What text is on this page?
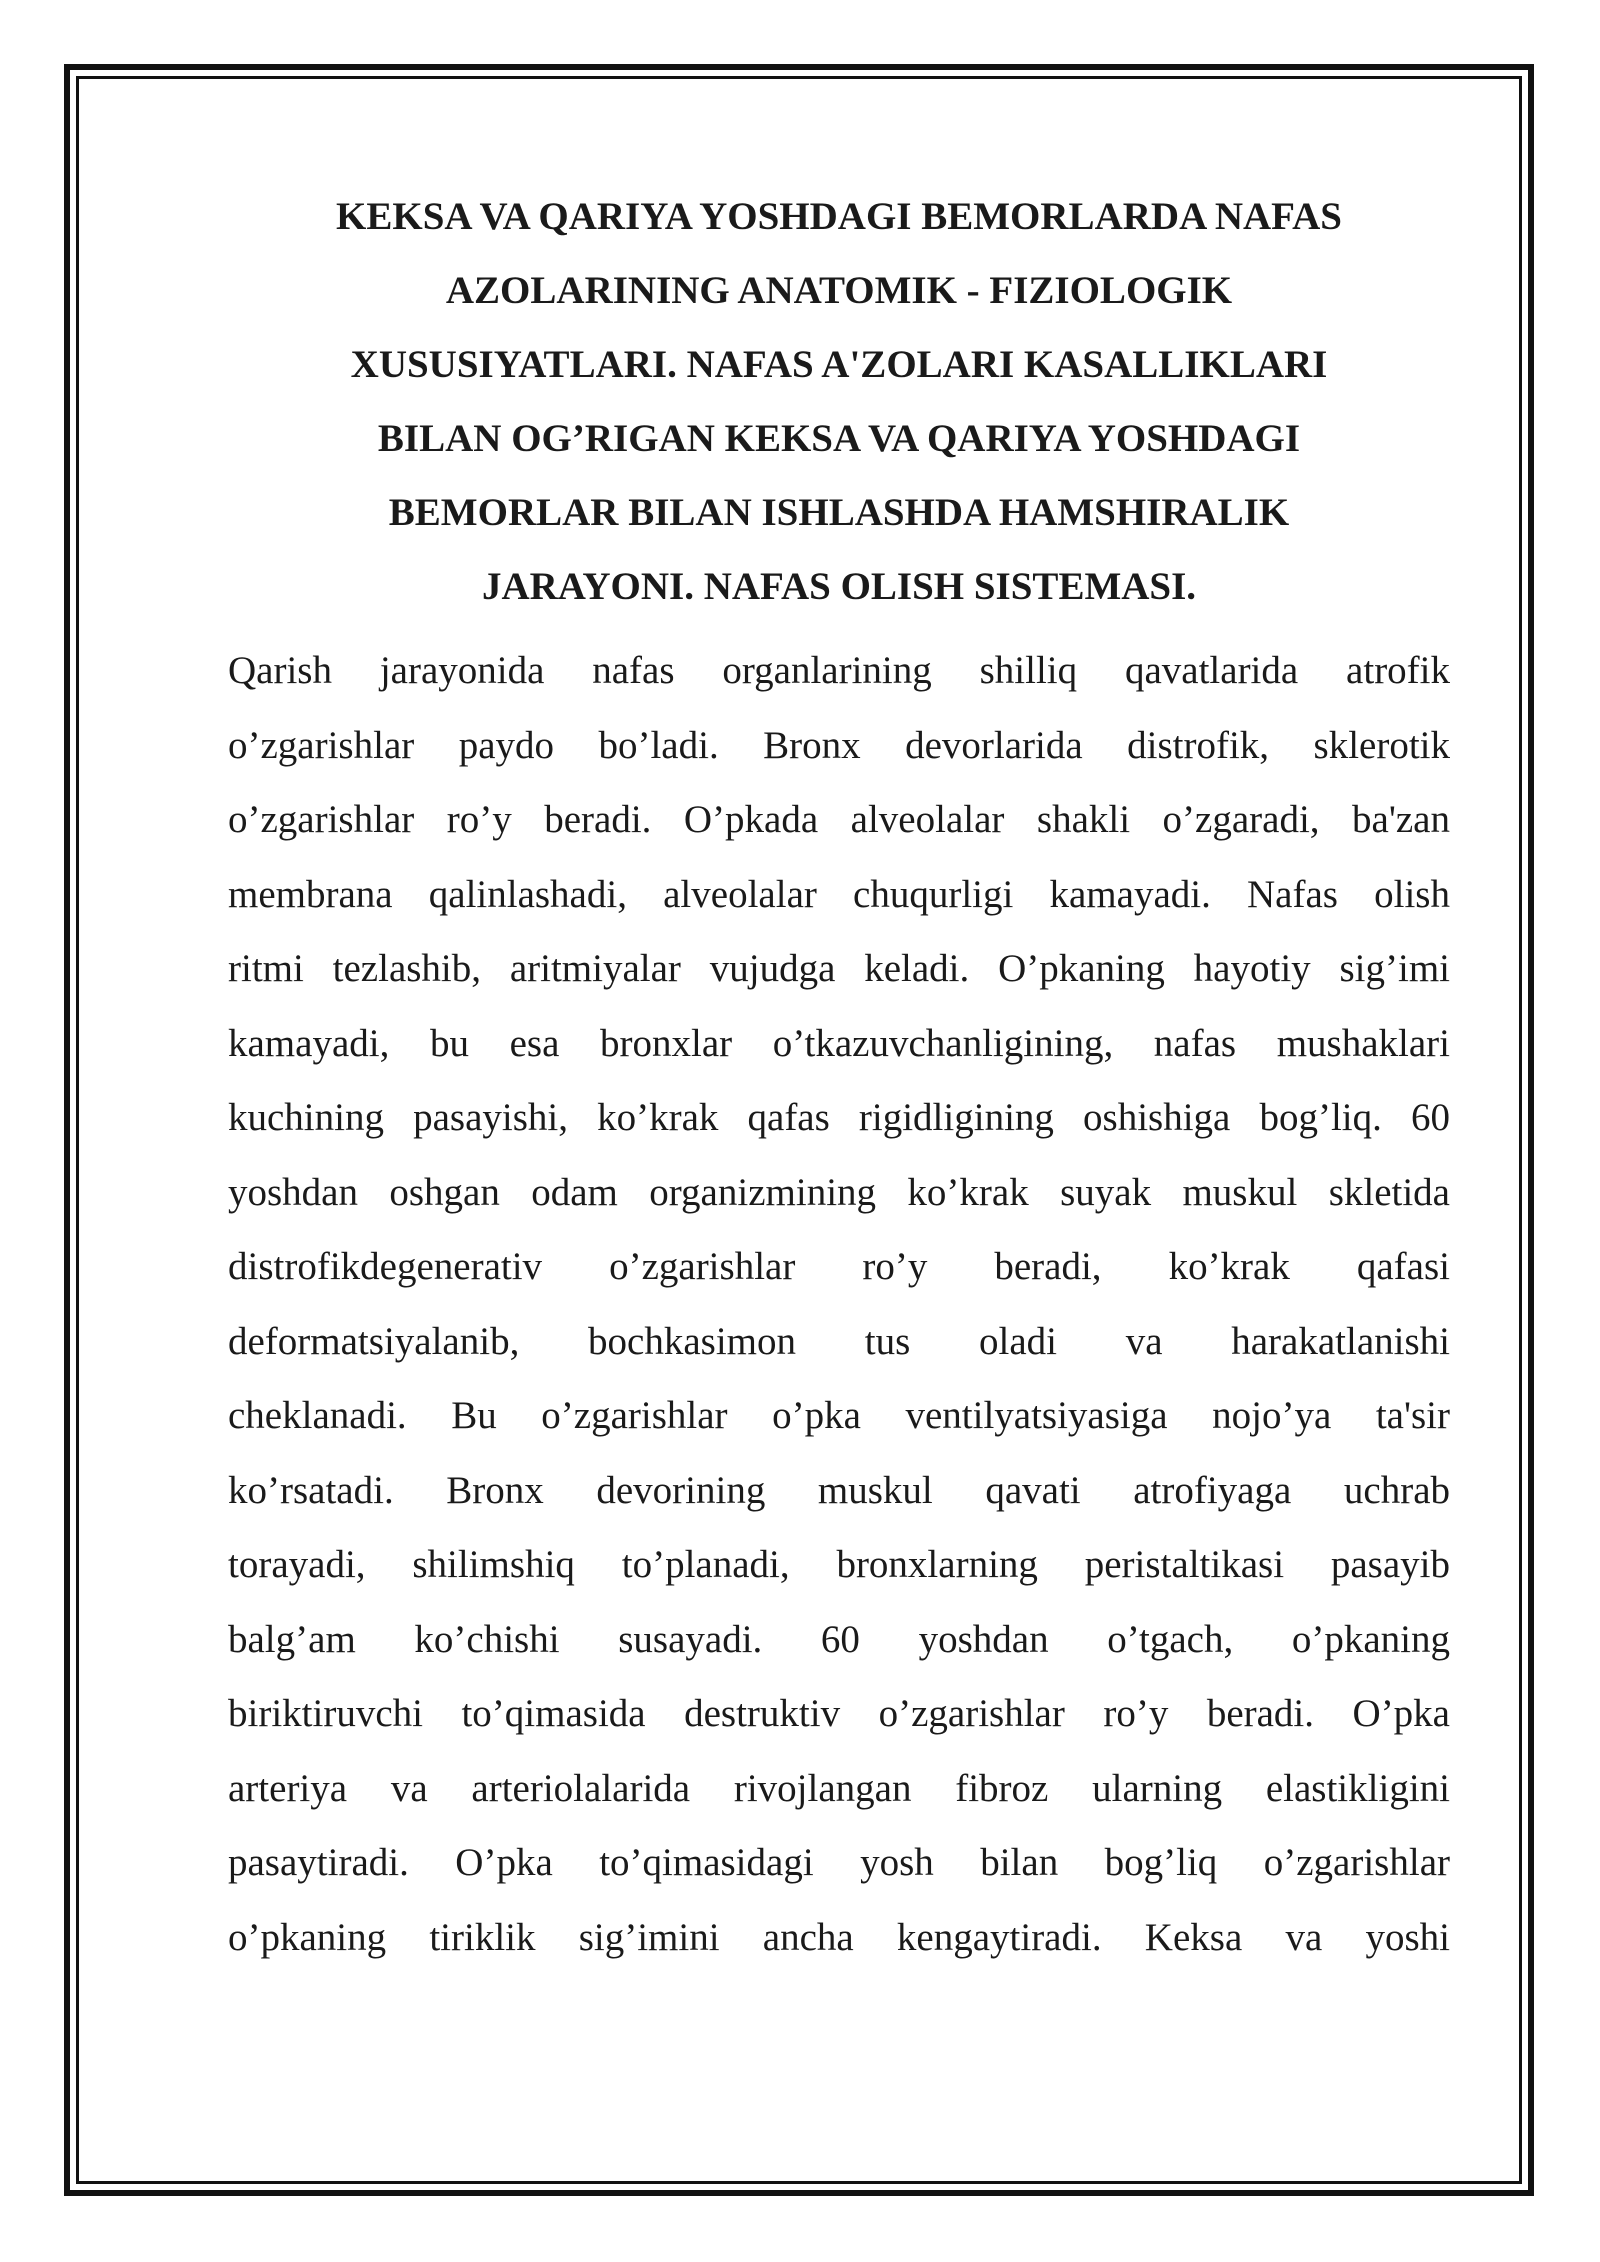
KEKSA VA QARIYA YOSHDAGI BEMORLARDA NAFAS
AZOLARINING ANATOMIK - FIZIOLOGIK
XUSUSIYATLARI. NAFAS A'ZOLARI KASALLIKLARI
BILAN OG’RIGAN KEKSA VA QARIYA YOSHDAGI
BEMORLAR BILAN ISHLASHDA HAMSHIRALIK
JARAYONI. NAFAS OLISH SISTEMASI.

Qarish jarayonida nafas organlarining shilliq qavatlarida atrofik
o’zgarishlar paydo bo’ladi. Bronx devorlarida distrofik, sklerotik
o’zgarishlar ro’y beradi. O’pkada alveolalar shakli o’zgaradi, ba'zan
membrana qalinlashadi, alveolalar chuqurligi kamayadi. Nafas olish
ritmi tezlashib, aritmiyalar vujudga keladi. O’pkaning hayotiy sig’imi
kamayadi, bu esa bronxlar o’tkazuvchanligining, nafas mushaklari
kuchining pasayishi, ko’krak qafas rigidligining oshishiga bog’liq. 60
yoshdan oshgan odam organizmining ko’krak suyak muskul skletida
distrofikdegenerativ o’zgarishlar ro’y beradi, ko’krak qafasi
deformatsiyalanib, bochkasimon tus oladi va harakatlanishi
cheklanadi. Bu o’zgarishlar o’pka ventilyatsiyasiga nojo’ya ta'sir
ko’rsatadi. Bronx devorining muskul qavati atrofiyaga uchrab
torayadi, shilimshiq to’planadi, bronxlarning peristaltikasi pasayib
balg’am ko’chishi susayadi. 60 yoshdan o’tgach, o’pkaning
biriktiruvchi to’qimasida destruktiv o’zgarishlar ro’y beradi. O’pka
arteriya va arteriolalarida rivojlangan fibroz ularning elastikligini
pasaytiradi. O’pka to’qimasidagi yosh bilan bog’liq o’zgarishlar
o’pkaning tiriklik sig’imini ancha kengaytiradi. Keksa va yoshi
